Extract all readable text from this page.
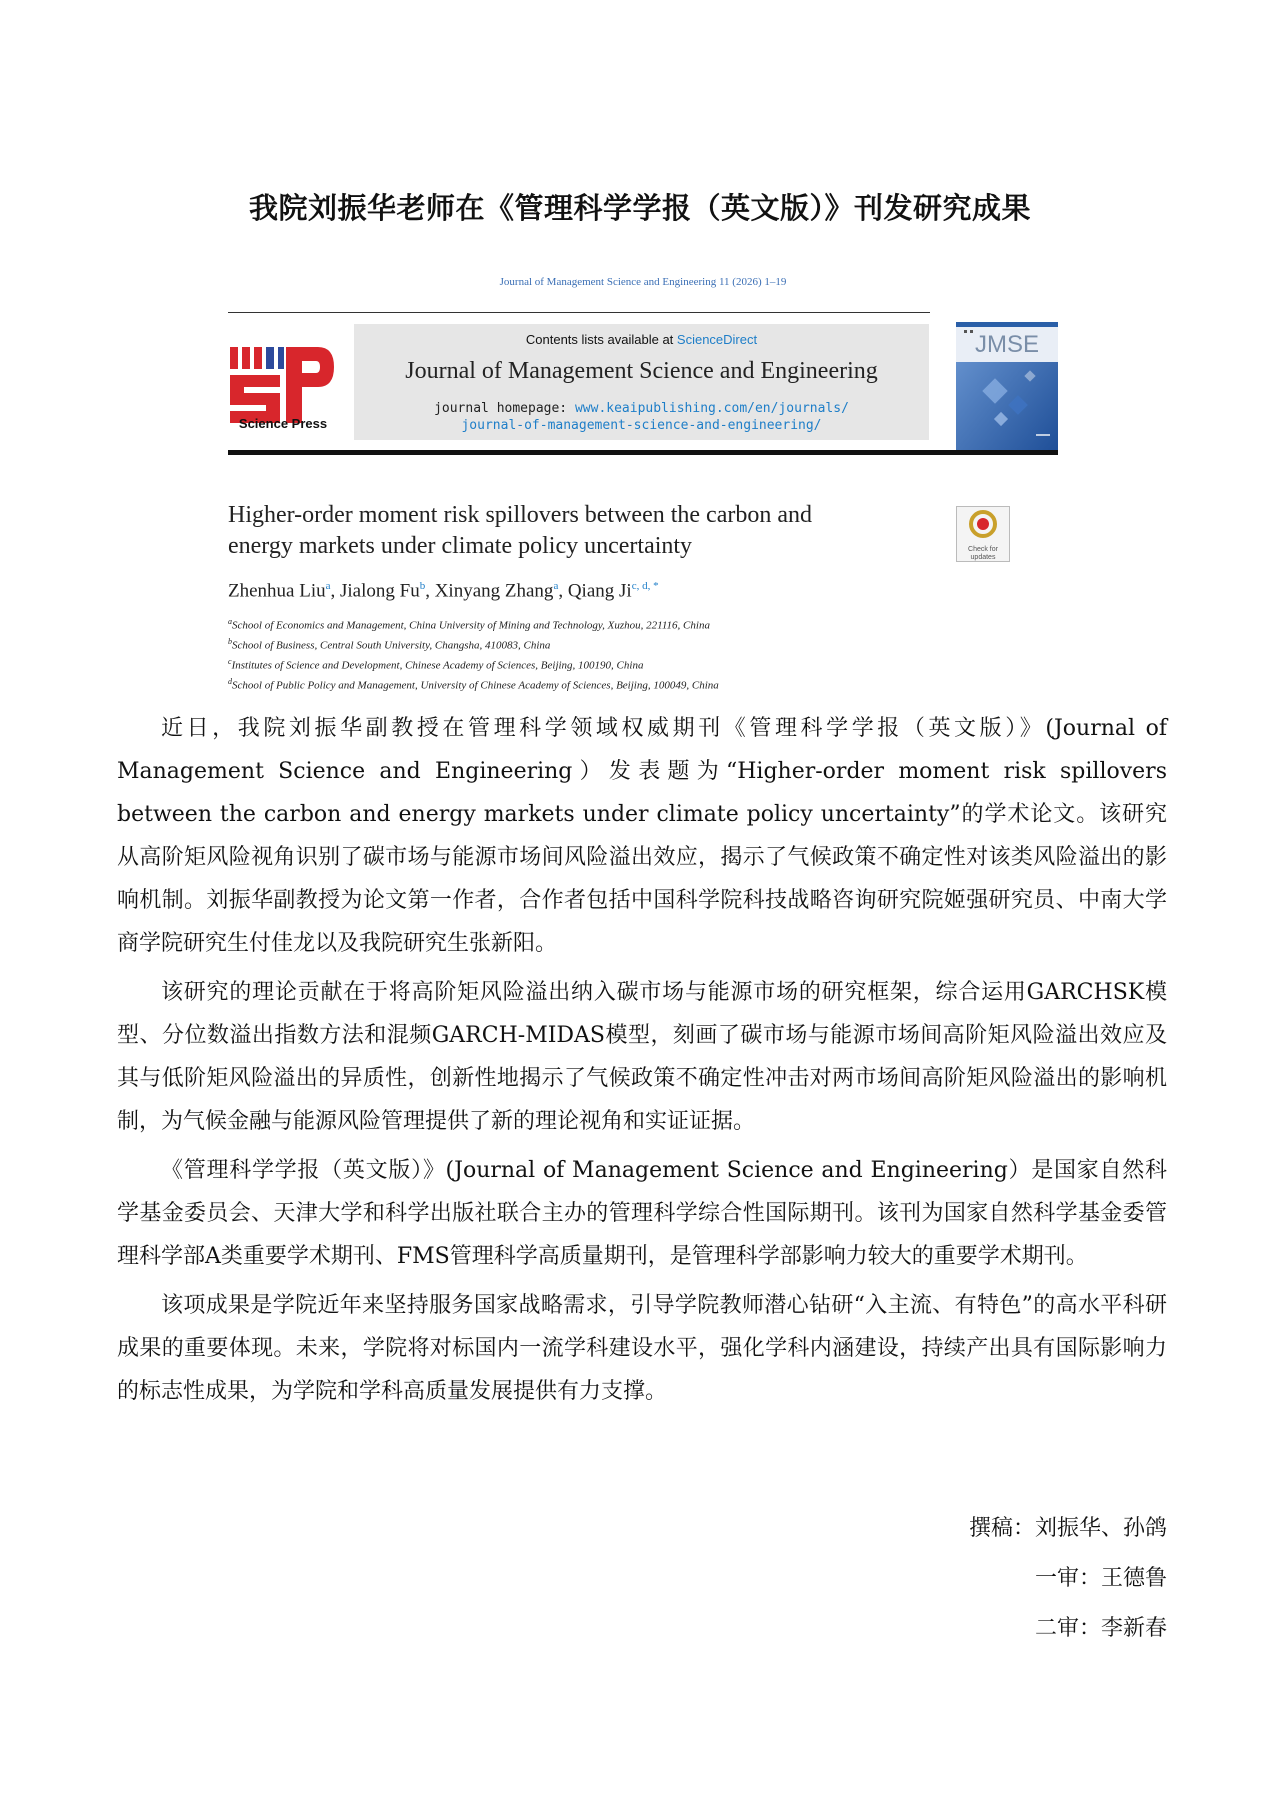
我院刘振华老师在《管理科学学报（英文版）》刊发研究成果
Journal of Management Science and Engineering 11 (2026) 1–19
Science Press
Contents lists available at ScienceDirect
Journal of Management Science and Engineering
journal homepage: www.keaipublishing.com/en/journals/
journal-of-management-science-and-engineering/
JMSE
Higher-order moment risk spillovers between the carbon and
energy markets under climate policy uncertainty	Check for
updates
Zhenhua Liu$^a$, Jialong Fu$^b$, Xinyang Zhang$^a$, Qiang $Ji^{c, d, *}$
$^a$School of Economics and Management, China University of Mining and Technology, Xuzhou, 221116, China
$^b$School of Business, Central South University, Changsha, 410083, China
$^c$Institutes of Science and Development, Chinese Academy of Sciences, Beijing, 100190, China
$^d$School of Public Policy and Management, University of Chinese Academy of Sciences, Beijing, 100049, China

近日，我院刘振华副教授在管理科学领域权威期刊《管理科学学报（英文版）》(Journal of Management Science and Engineering）发表题为“Higher-order moment risk spillovers between the carbon and energy markets under climate policy uncertainty”的学术论文。该研究从高阶矩风险视角识别了碳市场与能源市场间风险溢出效应，揭示了气候政策不确定性对该类风险溢出的影响机制。刘振华副教授为论文第一作者，合作者包括中国科学院科技战略咨询研究院姬强研究员、中南大学商学院研究生付佳龙以及我院研究生张新阳。

该研究的理论贡献在于将高阶矩风险溢出纳入碳市场与能源市场的研究框架，综合运用GARCHSK模型、分位数溢出指数方法和混频GARCH-MIDAS模型，刻画了碳市场与能源市场间高阶矩风险溢出效应及其与低阶矩风险溢出的异质性，创新性地揭示了气候政策不确定性冲击对两市场间高阶矩风险溢出的影响机制，为气候金融与能源风险管理提供了新的理论视角和实证证据。

《管理科学学报（英文版）》(Journal of Management Science and Engineering）是国家自然科学基金委员会、天津大学和科学出版社联合主办的管理科学综合性国际期刊。该刊为国家自然科学基金委管理科学部A类重要学术期刊、FMS管理科学高质量期刊，是管理科学部影响力较大的重要学术期刊。

该项成果是学院近年来坚持服务国家战略需求，引导学院教师潜心钻研“入主流、有特色”的高水平科研成果的重要体现。未来，学院将对标国内一流学科建设水平，强化学科内涵建设，持续产出具有国际影响力的标志性成果，为学院和学科高质量发展提供有力支撑。

撰稿：刘振华、孙鸽
一审：王德鲁
二审：李新春
